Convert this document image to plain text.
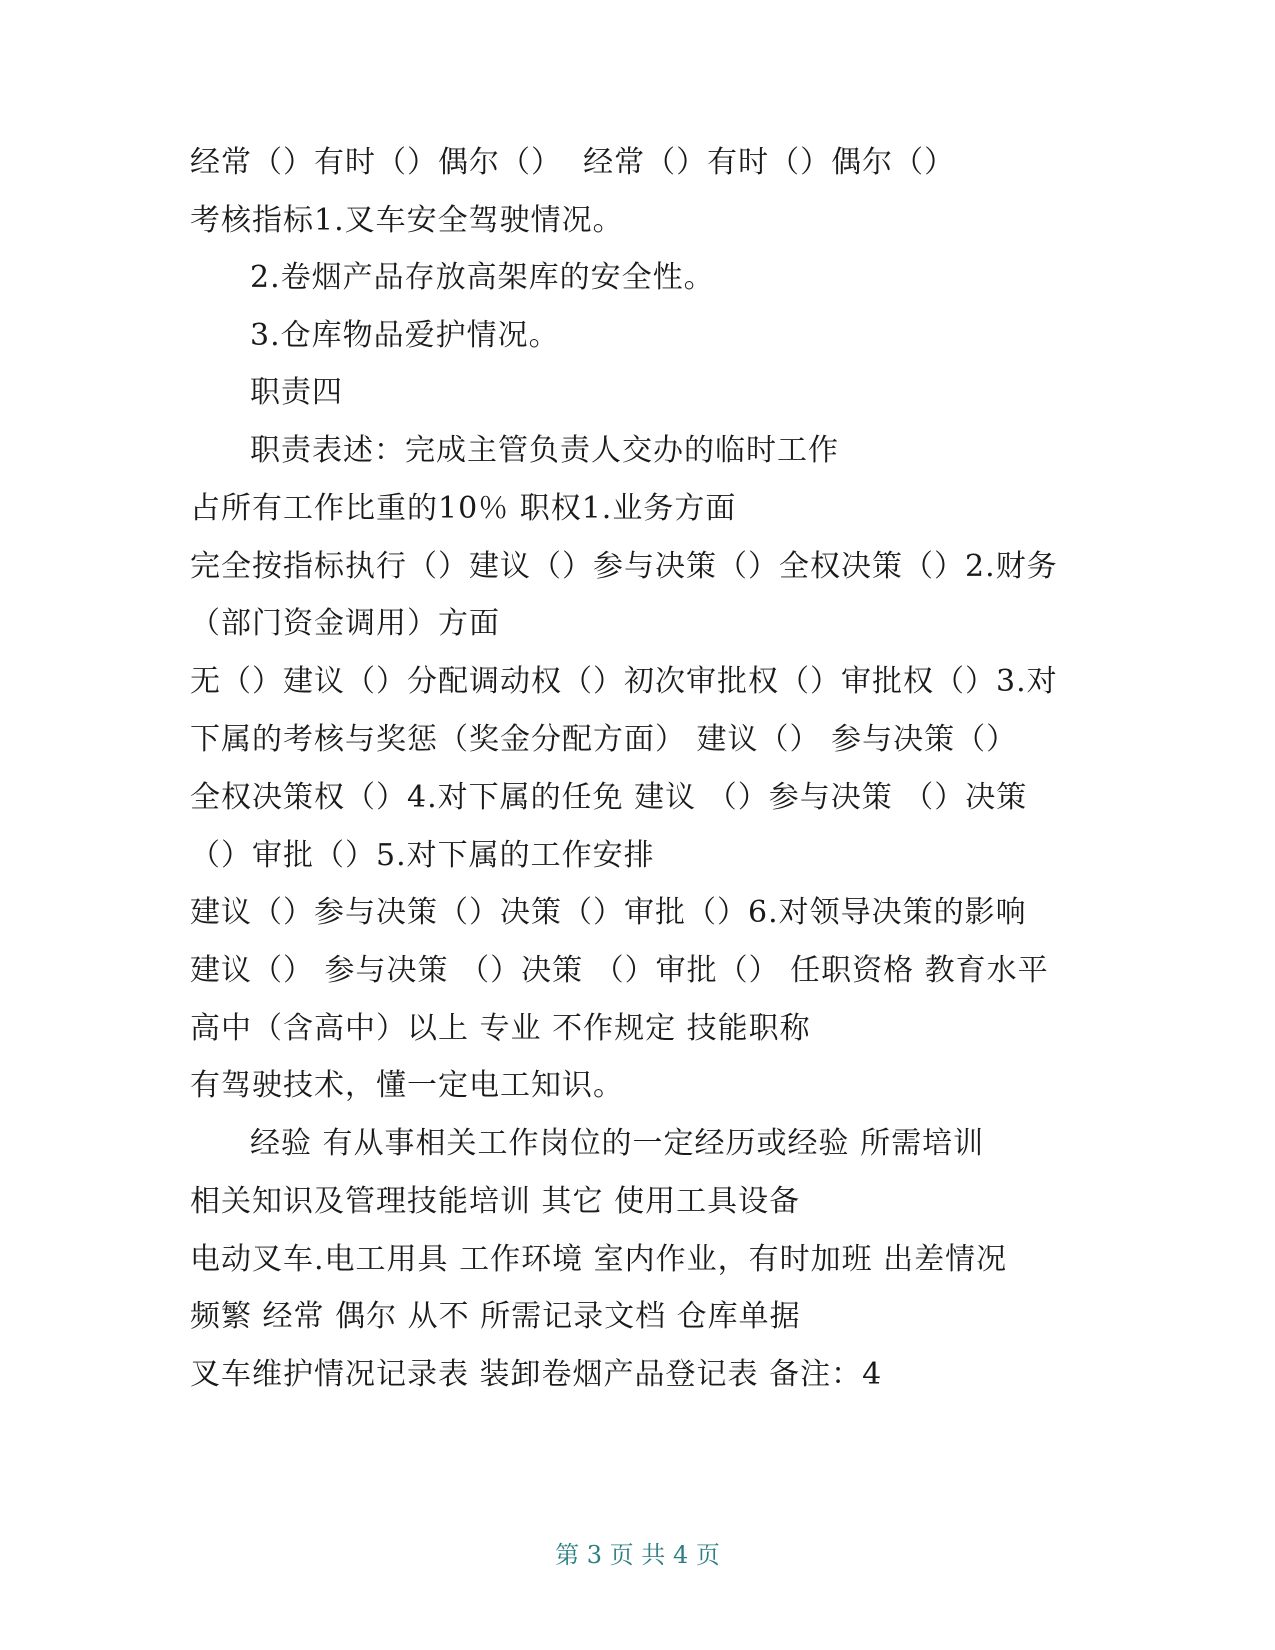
经常（）有时（）偶尔（）  经常（）有时（）偶尔（）
考核指标1.叉车安全驾驶情况。
2.卷烟产品存放高架库的安全性。
3.仓库物品爱护情况。
职责四
职责表述：完成主管负责人交办的临时工作
占所有工作比重的10％ 职权1.业务方面
完全按指标执行（）建议（）参与决策（）全权决策（）2.财务
（部门资金调用）方面
无（）建议（）分配调动权（）初次审批权（）审批权（）3.对
下属的考核与奖惩（奖金分配方面） 建议（） 参与决策（）
全权决策权（）4.对下属的任免 建议 （）参与决策 （）决策
（）审批（）5.对下属的工作安排
建议（）参与决策（）决策（）审批（）6.对领导决策的影响
建议（） 参与决策 （）决策 （）审批（） 任职资格 教育水平
高中（含高中）以上 专业 不作规定 技能职称
有驾驶技术，懂一定电工知识。
经验 有从事相关工作岗位的一定经历或经验 所需培训
相关知识及管理技能培训 其它 使用工具设备
电动叉车.电工用具 工作环境 室内作业，有时加班 出差情况
频繁 经常 偶尔 从不 所需记录文档 仓库单据
叉车维护情况记录表 装卸卷烟产品登记表 备注：4
第 3 页 共 4 页
